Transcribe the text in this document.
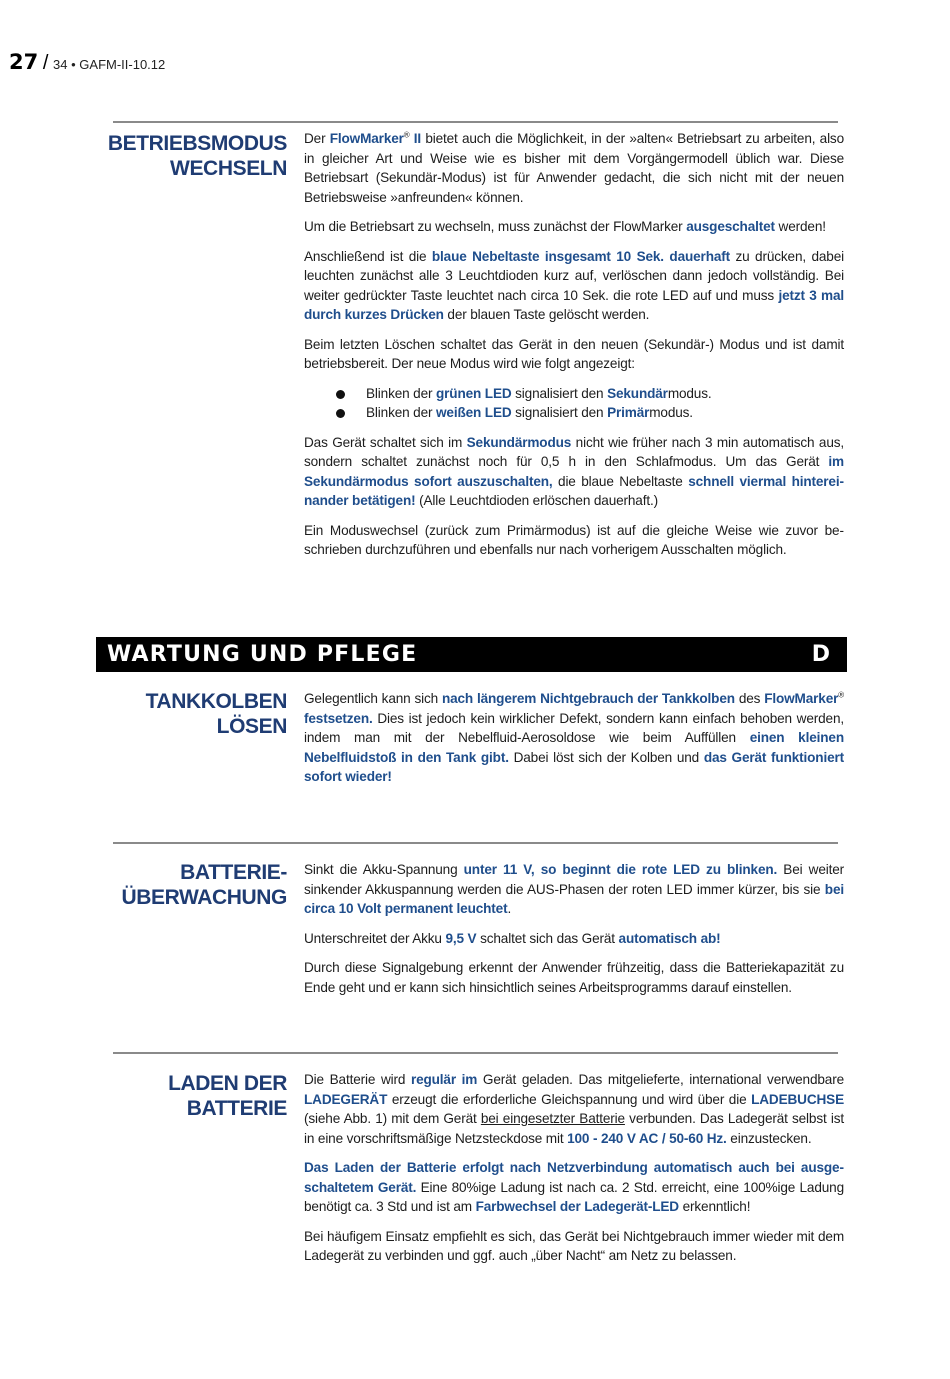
27 / 34 • GAFM-II-10.12
BETRIEBSMODUS
WECHSELN

Der FlowMarker® II bietet auch die Möglichkeit, in der »alten« Betriebsart zu arbeiten, also in gleicher Art und Weise wie es bisher mit dem Vorgängermodell üblich war. Diese Betriebsart (Sekundär-Modus) ist für Anwender gedacht, die sich nicht mit der neuen Betriebsweise »anfreunden« können.

Um die Betriebsart zu wechseln, muss zunächst der FlowMarker ausgeschaltet werden!

Anschließend ist die blaue Nebeltaste insgesamt 10 Sek. dauerhaft zu drücken, dabei leuchten zunächst alle 3 Leuchtdioden kurz auf, verlöschen dann jedoch vollständig. Bei weiter gedrückter Taste leuchtet nach circa 10 Sek. die rote LED auf und muss jetzt 3 mal durch kurzes Drücken der blauen Taste gelöscht werden.

Beim letzten Löschen schaltet das Gerät in den neuen (Sekundär-) Modus und ist damit betriebsbereit. Der neue Modus wird wie folgt angezeigt:

Blinken der grünen LED signalisiert den Sekundärmodus.
Blinken der weißen LED signalisiert den Primärmodus.

Das Gerät schaltet sich im Sekundärmodus nicht wie früher nach 3 min automatisch aus, sondern schaltet zunächst noch für 0,5 h in den Schlafmodus. Um das Gerät im Sekundärmodus sofort auszuschalten, die blaue Nebeltaste schnell viermal hintereinander betätigen! (Alle Leuchtdioden erlöschen dauerhaft.)

Ein Moduswechsel (zurück zum Primärmodus) ist auf die gleiche Weise wie zuvor beschrieben durchzuführen und ebenfalls nur nach vorherigem Ausschalten möglich.

WARTUNG UND PFLEGE	D
TANKKOLBEN
LÖSEN

Gelegentlich kann sich nach längerem Nichtgebrauch der Tankkolben des FlowMarker® festsetzen. Dies ist jedoch kein wirklicher Defekt, sondern kann einfach behoben werden, indem man mit der Nebelfluid-Aerosoldose wie beim Auffüllen einen kleinen Nebelfluidstoß in den Tank gibt. Dabei löst sich der Kolben und das Gerät funktioniert sofort wieder!

BATTERIE-
ÜBERWACHUNG

Sinkt die Akku-Spannung unter 11 V, so beginnt die rote LED zu blinken. Bei weiter sinkender Akkuspannung werden die AUS-Phasen der roten LED immer kürzer, bis sie bei circa 10 Volt permanent leuchtet.

Unterschreitet der Akku 9,5 V schaltet sich das Gerät automatisch ab!

Durch diese Signalgebung erkennt der Anwender frühzeitig, dass die Batteriekapazität zu Ende geht und er kann sich hinsichtlich seines Arbeitsprogramms darauf einstellen.

LADEN DER
BATTERIE

Die Batterie wird regulär im Gerät geladen. Das mitgelieferte, international verwendbare LADEGERÄT erzeugt die erforderliche Gleichspannung und wird über die LADEBUCHSE (siehe Abb. 1) mit dem Gerät bei eingesetzter Batterie verbunden. Das Ladegerät selbst ist in eine vorschriftsmäßige Netzsteckdose mit 100 - 240 V AC / 50-60 Hz. einzustecken.

Das Laden der Batterie erfolgt nach Netzverbindung automatisch auch bei ausgeschaltetem Gerät. Eine 80%ige Ladung ist nach ca. 2 Std. erreicht, eine 100%ige Ladung benötigt ca. 3 Std und ist am Farbwechsel der Ladegerät-LED erkenntlich!

Bei häufigem Einsatz empfiehlt es sich, das Gerät bei Nichtgebrauch immer wieder mit dem Ladegerät zu verbinden und ggf. auch „über Nacht“ am Netz zu belassen.
